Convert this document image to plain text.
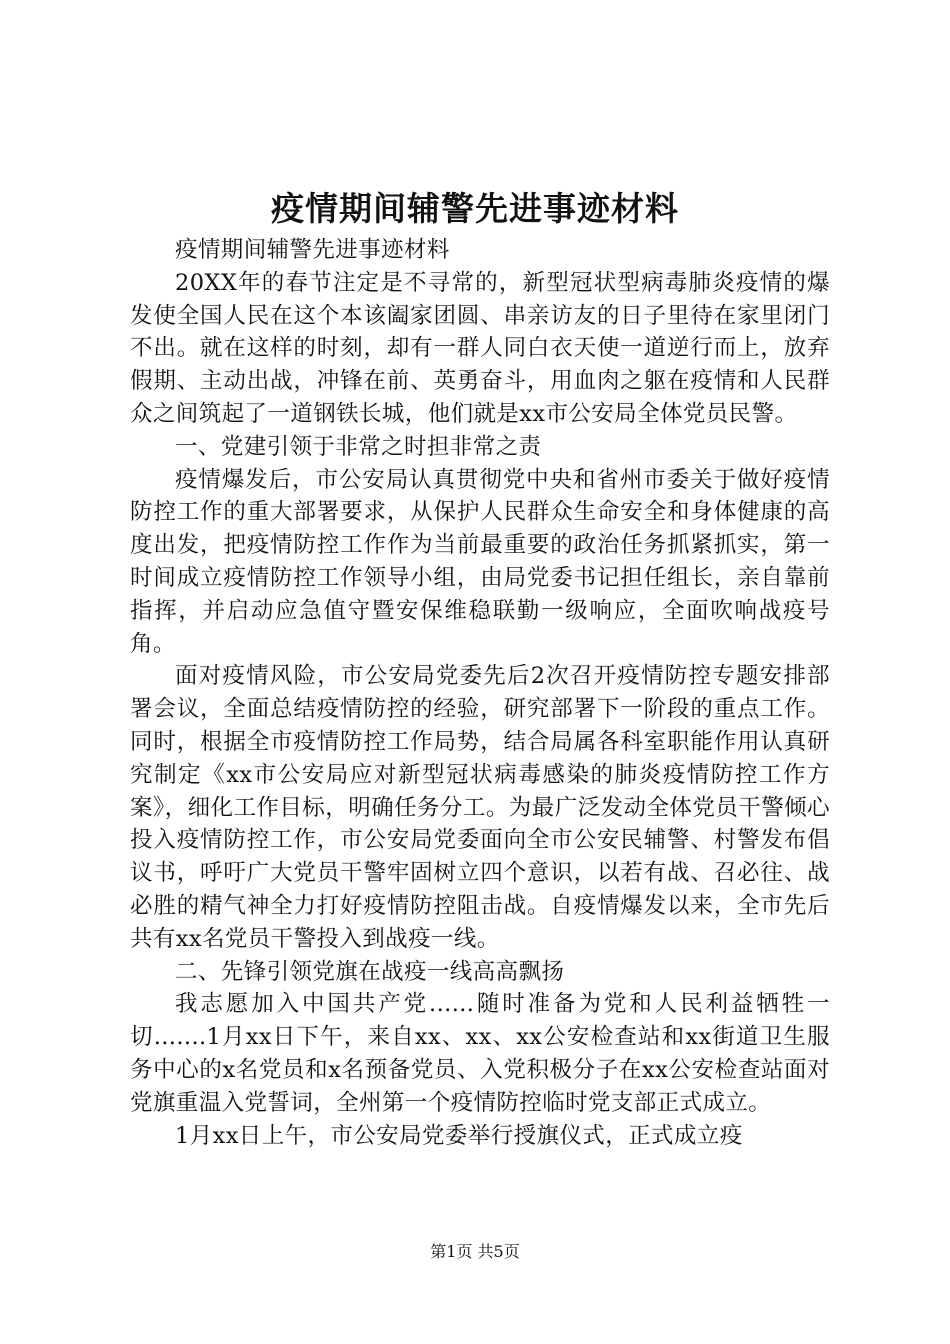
疫情期间辅警先进事迹材料

疫情期间辅警先进事迹材料

20XX年的春节注定是不寻常的，新型冠状型病毒肺炎疫情的爆发使全国人民在这个本该阖家团圆、串亲访友的日子里待在家里闭门不出。就在这样的时刻，却有一群人同白衣天使一道逆行而上，放弃假期、主动出战，冲锋在前、英勇奋斗，用血肉之躯在疫情和人民群众之间筑起了一道钢铁长城，他们就是xx市公安局全体党员民警。

一、党建引领于非常之时担非常之责

疫情爆发后，市公安局认真贯彻党中央和省州市委关于做好疫情防控工作的重大部署要求，从保护人民群众生命安全和身体健康的高度出发，把疫情防控工作作为当前最重要的政治任务抓紧抓实，第一时间成立疫情防控工作领导小组，由局党委书记担任组长，亲自靠前指挥，并启动应急值守暨安保维稳联勤一级响应，全面吹响战疫号角。

面对疫情风险，市公安局党委先后2次召开疫情防控专题安排部署会议，全面总结疫情防控的经验，研究部署下一阶段的重点工作。同时，根据全市疫情防控工作局势，结合局属各科室职能作用认真研究制定《xx市公安局应对新型冠状病毒感染的肺炎疫情防控工作方案》，细化工作目标，明确任务分工。为最广泛发动全体党员干警倾心投入疫情防控工作，市公安局党委面向全市公安民辅警、村警发布倡议书，呼吁广大党员干警牢固树立四个意识，以若有战、召必往、战必胜的精气神全力打好疫情防控阻击战。自疫情爆发以来，全市先后共有xx名党员干警投入到战疫一线。

二、先锋引领党旗在战疫一线高高飘扬

我志愿加入中国共产党......随时准备为党和人民利益牺牲一切.......1月xx日下午，来自xx、xx、xx公安检查站和xx街道卫生服务中心的x名党员和x名预备党员、入党积极分子在xx公安检查站面对党旗重温入党誓词，全州第一个疫情防控临时党支部正式成立。

1月xx日上午，市公安局党委举行授旗仪式，正式成立疫

第1页 共5页
